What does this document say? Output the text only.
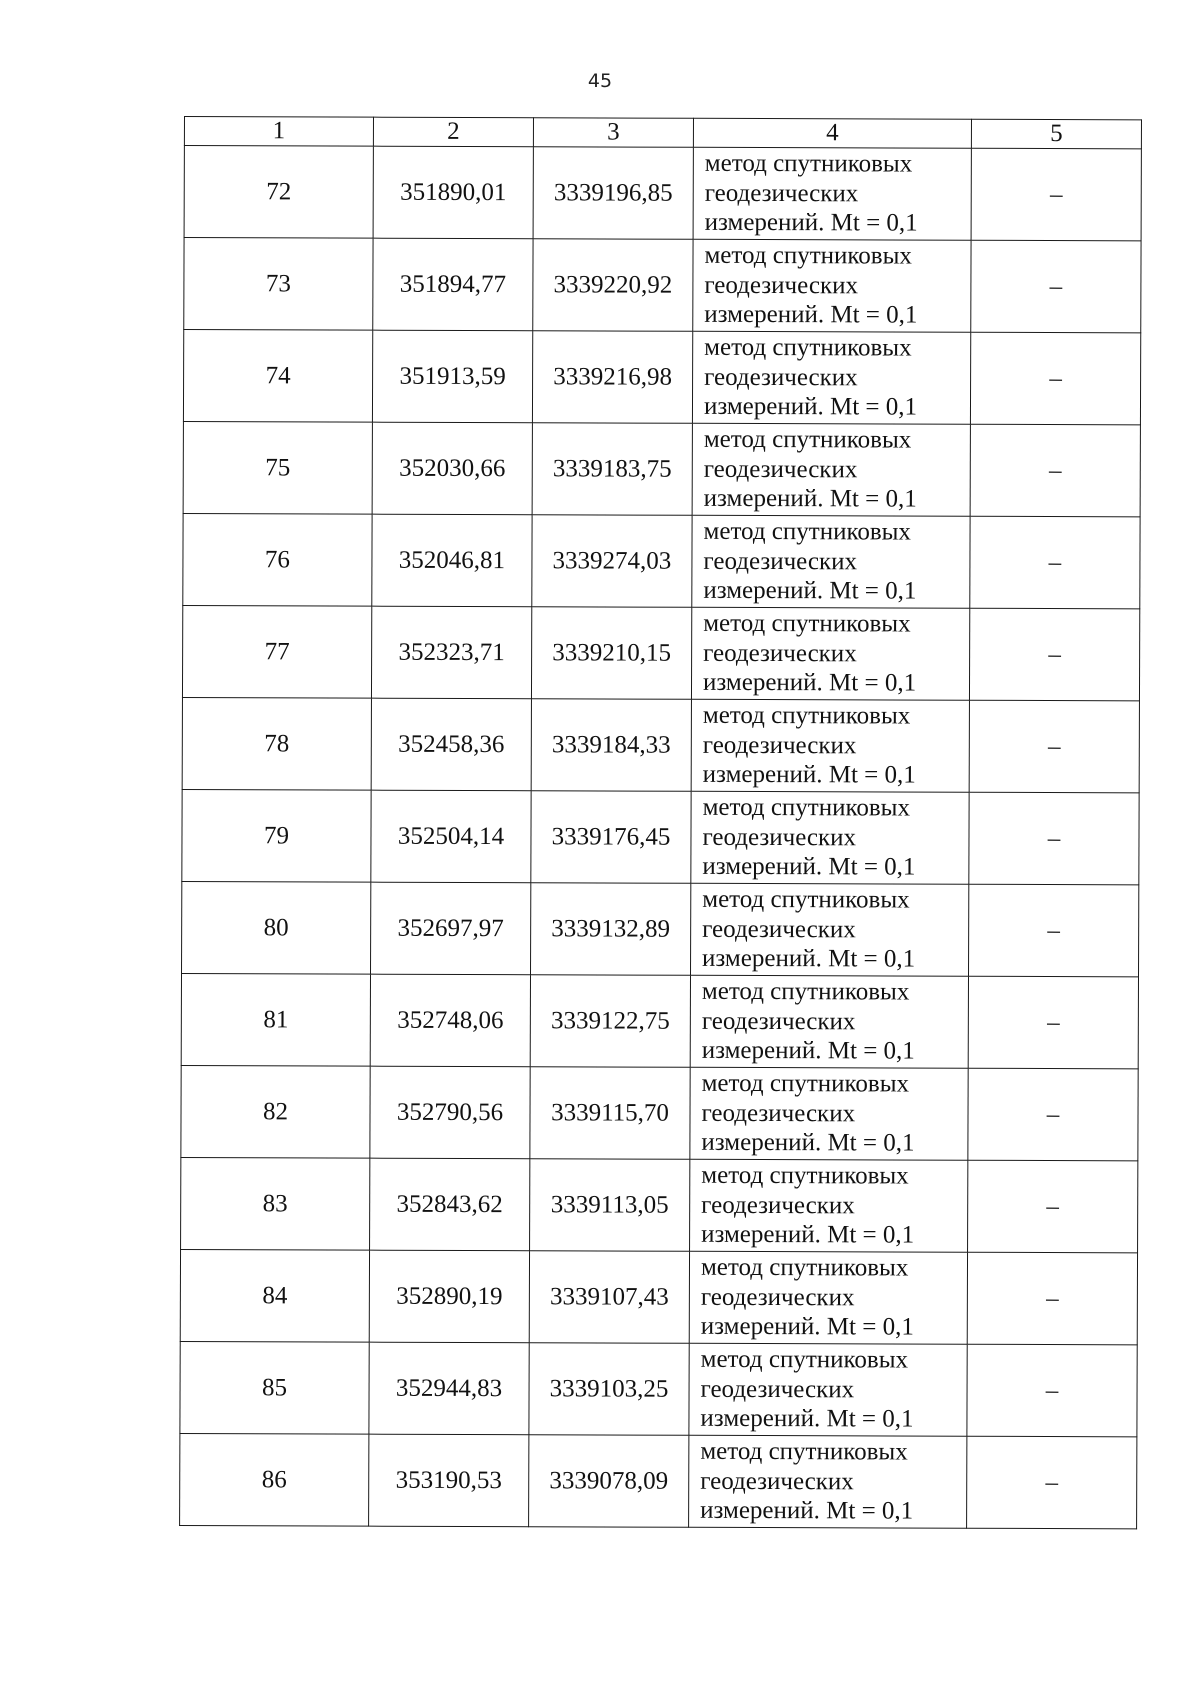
45
1	2	3	4	5
72	351890,01	3339196,85	метод спутниковых
геодезических
измерений. Mt = 0,1	–
73	351894,77	3339220,92	метод спутниковых
геодезических
измерений. Mt = 0,1	–
74	351913,59	3339216,98	метод спутниковых
геодезических
измерений. Mt = 0,1	–
75	352030,66	3339183,75	метод спутниковых
геодезических
измерений. Mt = 0,1	–
76	352046,81	3339274,03	метод спутниковых
геодезических
измерений. Mt = 0,1	–
77	352323,71	3339210,15	метод спутниковых
геодезических
измерений. Mt = 0,1	–
78	352458,36	3339184,33	метод спутниковых
геодезических
измерений. Mt = 0,1	–
79	352504,14	3339176,45	метод спутниковых
геодезических
измерений. Mt = 0,1	–
80	352697,97	3339132,89	метод спутниковых
геодезических
измерений. Mt = 0,1	–
81	352748,06	3339122,75	метод спутниковых
геодезических
измерений. Mt = 0,1	–
82	352790,56	3339115,70	метод спутниковых
геодезических
измерений. Mt = 0,1	–
83	352843,62	3339113,05	метод спутниковых
геодезических
измерений. Mt = 0,1	–
84	352890,19	3339107,43	метод спутниковых
геодезических
измерений. Mt = 0,1	–
85	352944,83	3339103,25	метод спутниковых
геодезических
измерений. Mt = 0,1	–
86	353190,53	3339078,09	метод спутниковых
геодезических
измерений. Mt = 0,1	–
